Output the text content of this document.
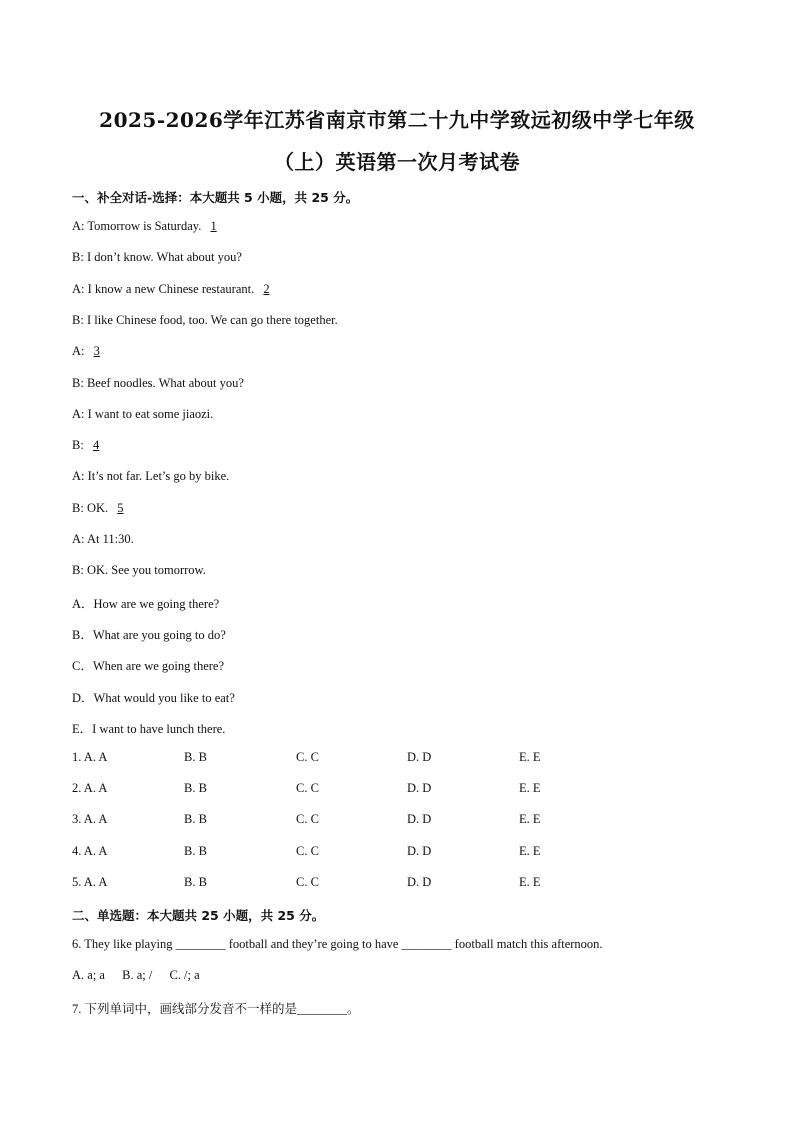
2025-2026学年江苏省南京市第二十九中学致远初级中学七年级
（上）英语第一次月考试卷
一、补全对话-选择：本大题共 5 小题，共 25 分。
A: Tomorrow is Saturday. 1
B: I don’t know. What about you?
A: I know a new Chinese restaurant. 2
B: I like Chinese food, too. We can go there together.
A: 3
B: Beef noodles. What about you?
A: I want to eat some jiaozi.
B: 4
A: It’s not far. Let’s go by bike.
B: OK. 5
A: At 11:30.
B: OK. See you tomorrow.
A．How are we going there?
B．What are you going to do?
C．When are we going there?
D．What would you like to eat?
E．I want to have lunch there.
1. A. A	B. B	C. C	D. D	E. E
2. A. A	B. B	C. C	D. D	E. E
3. A. A	B. B	C. C	D. D	E. E
4. A. A	B. B	C. C	D. D	E. E
5. A. A	B. B	C. C	D. D	E. E
二、单选题：本大题共 25 小题，共 25 分。
6. They like playing ________ football and they’re going to have ________ football match this afternoon.
A. a; a B. a; / C. /; a
7. 下列单词中，画线部分发音不一样的是________。
